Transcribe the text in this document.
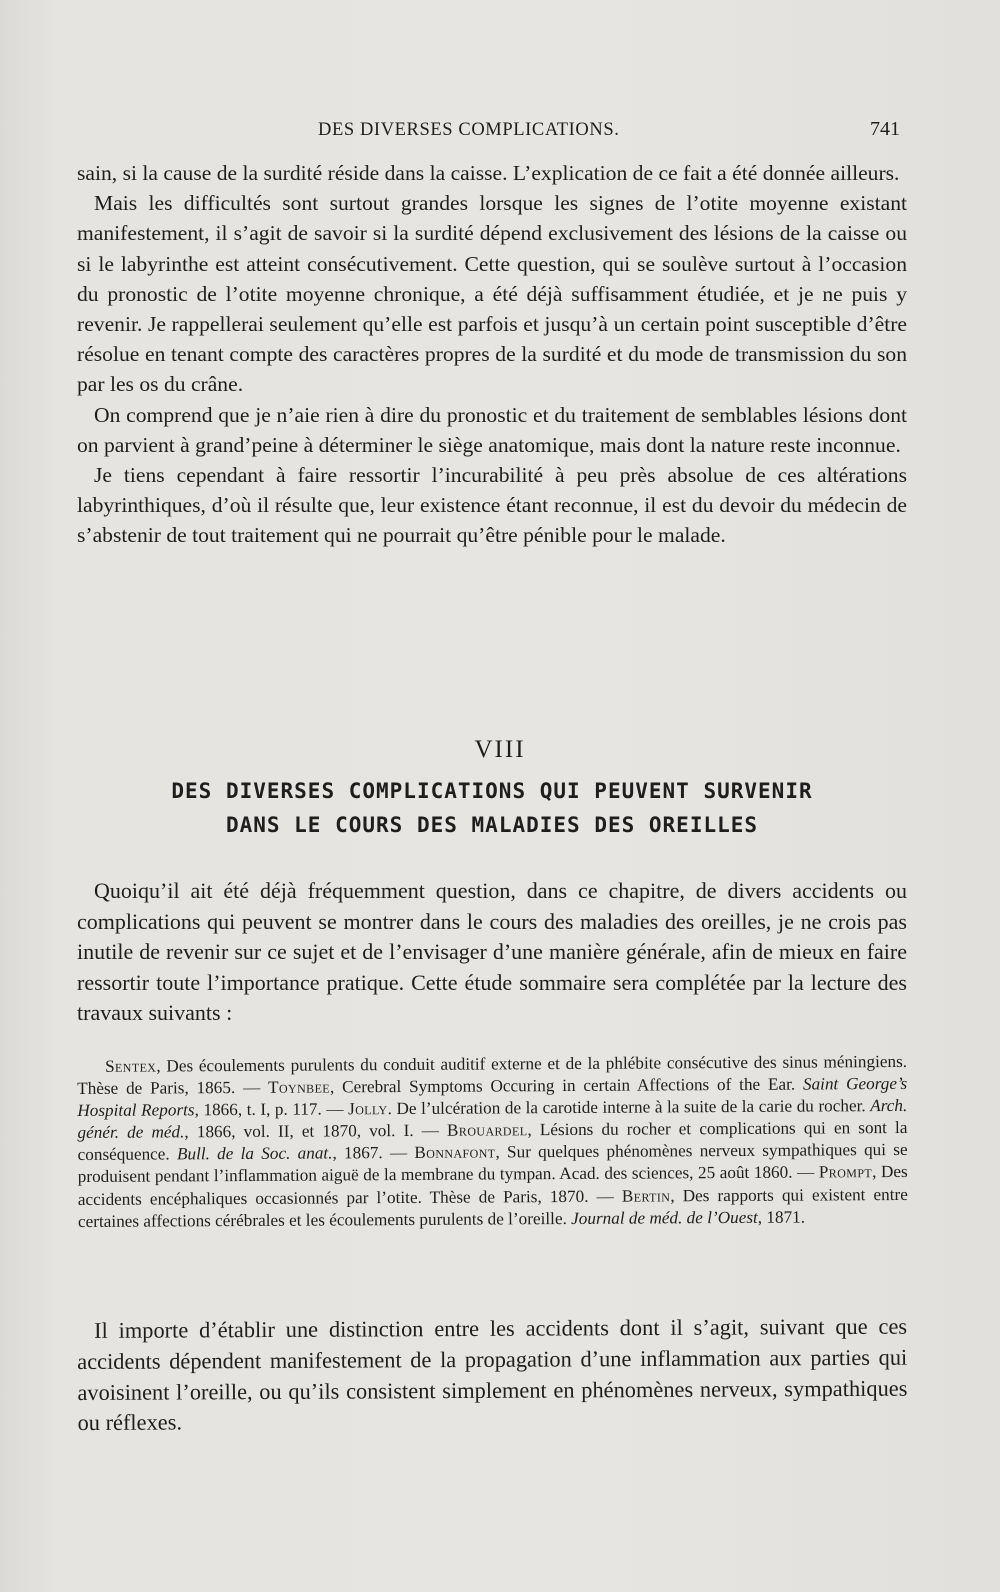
DES DIVERSES COMPLICATIONS.	741

sain, si la cause de la surdité réside dans la caisse. L’explication de ce fait a été donnée ailleurs.

Mais les difficultés sont surtout grandes lorsque les signes de l’otite moyenne existant manifestement, il s’agit de savoir si la surdité dépend exclusivement des lésions de la caisse ou si le labyrinthe est atteint consécutivement. Cette question, qui se soulève surtout à l’occasion du pronostic de l’otite moyenne chronique, a été déjà suffisamment étudiée, et je ne puis y revenir. Je rappellerai seulement qu’elle est parfois et jusqu’à un certain point susceptible d’être résolue en tenant compte des caractères propres de la surdité et du mode de transmission du son par les os du crâne.

On comprend que je n’aie rien à dire du pronostic et du traitement de semblables lésions dont on parvient à grand’peine à déterminer le siège anatomique, mais dont la nature reste inconnue.

Je tiens cependant à faire ressortir l’incurabilité à peu près absolue de ces altérations labyrinthiques, d’où il résulte que, leur existence étant reconnue, il est du devoir du médecin de s’abstenir de tout traitement qui ne pourrait qu’être pénible pour le malade.

VIII
DES DIVERSES COMPLICATIONS QUI PEUVENT SURVENIR
DANS LE COURS DES MALADIES DES OREILLES

Quoiqu’il ait été déjà fréquemment question, dans ce chapitre, de divers accidents ou complications qui peuvent se montrer dans le cours des maladies des oreilles, je ne crois pas inutile de revenir sur ce sujet et de l’envisager d’une manière générale, afin de mieux en faire ressortir toute l’importance pratique. Cette étude sommaire sera complétée par la lecture des travaux suivants :

Sentex, Des écoulements purulents du conduit auditif externe et de la phlébite consécutive des sinus méningiens. Thèse de Paris, 1865. — Toynbee, Cerebral Symptoms Occuring in certain Affections of the Ear. Saint George’s Hospital Reports, 1866, t. I, p. 117. — Jolly. De l’ulcération de la carotide interne à la suite de la carie du rocher. Arch. génér. de méd., 1866, vol. II, et 1870, vol. I. — Brouardel, Lésions du rocher et complications qui en sont la conséquence. Bull. de la Soc. anat., 1867. — Bonnafont, Sur quelques phénomènes nerveux sympathiques qui se produisent pendant l’inflammation aiguë de la membrane du tympan. Acad. des sciences, 25 août 1860. — Prompt, Des accidents encéphaliques occasionnés par l’otite. Thèse de Paris, 1870. — Bertin, Des rapports qui existent entre certaines affections cérébrales et les écoulements purulents de l’oreille. Journal de méd. de l’Ouest, 1871.

Il importe d’établir une distinction entre les accidents dont il s’agit, suivant que ces accidents dépendent manifestement de la propagation d’une inflammation aux parties qui avoisinent l’oreille, ou qu’ils consistent simplement en phénomènes nerveux, sympathiques ou réflexes.
